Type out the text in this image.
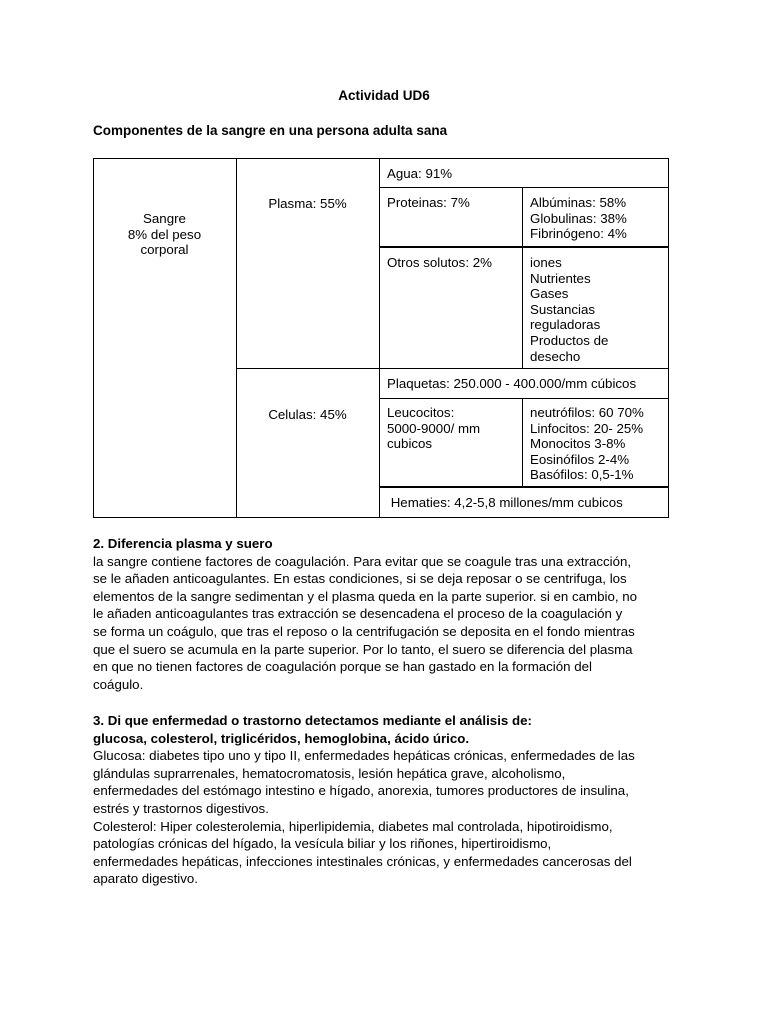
Actividad UD6
Componentes de la sangre en una persona adulta sana
Sangre
8% del peso
corporal
Plasma: 55%
Celulas: 45%
Agua: 91%
Proteinas: 7%	Albúminas: 58%
Globulinas: 38%
Fibrinógeno: 4%
Otros solutos: 2%	iones
Nutrientes
Gases
Sustancias
reguladoras
Productos de
desecho
Plaquetas: 250.000 - 400.000/mm cúbicos
Leucocitos:
5000-9000/ mm
cubicos
neutrófilos: 60 70%
Linfocitos: 20- 25%
Monocitos 3-8%
Eosinófilos 2-4%
Basófilos: 0,5-1%
Hematies: 4,2-5,8 millones/mm cubicos

2. Diferencia plasma y suero

la sangre contiene factores de coagulación. Para evitar que se coagule tras una extracción,

se le añaden anticoagulantes. En estas condiciones, si se deja reposar o se centrifuga, los

elementos de la sangre sedimentan y el plasma queda en la parte superior. si en cambio, no

le añaden anticoagulantes tras extracción se desencadena el proceso de la coagulación y

se forma un coágulo, que tras el reposo o la centrifugación se deposita en el fondo mientras

que el suero se acumula en la parte superior. Por lo tanto, el suero se diferencia del plasma

en que no tienen factores de coagulación porque se han gastado en la formación del

coágulo.

3. Di que enfermedad o trastorno detectamos mediante el análisis de:

glucosa, colesterol, triglicéridos, hemoglobina, ácido úrico.

Glucosa: diabetes tipo uno y tipo II, enfermedades hepáticas crónicas, enfermedades de las

glándulas suprarrenales, hematocromatosis, lesión hepática grave, alcoholismo,

enfermedades del estómago intestino e hígado, anorexia, tumores productores de insulina,

estrés y trastornos digestivos.

Colesterol: Hiper colesterolemia, hiperlipidemia, diabetes mal controlada, hipotiroidismo,

patologías crónicas del hígado, la vesícula biliar y los riñones, hipertiroidismo,

enfermedades hepáticas, infecciones intestinales crónicas, y enfermedades cancerosas del

aparato digestivo.
